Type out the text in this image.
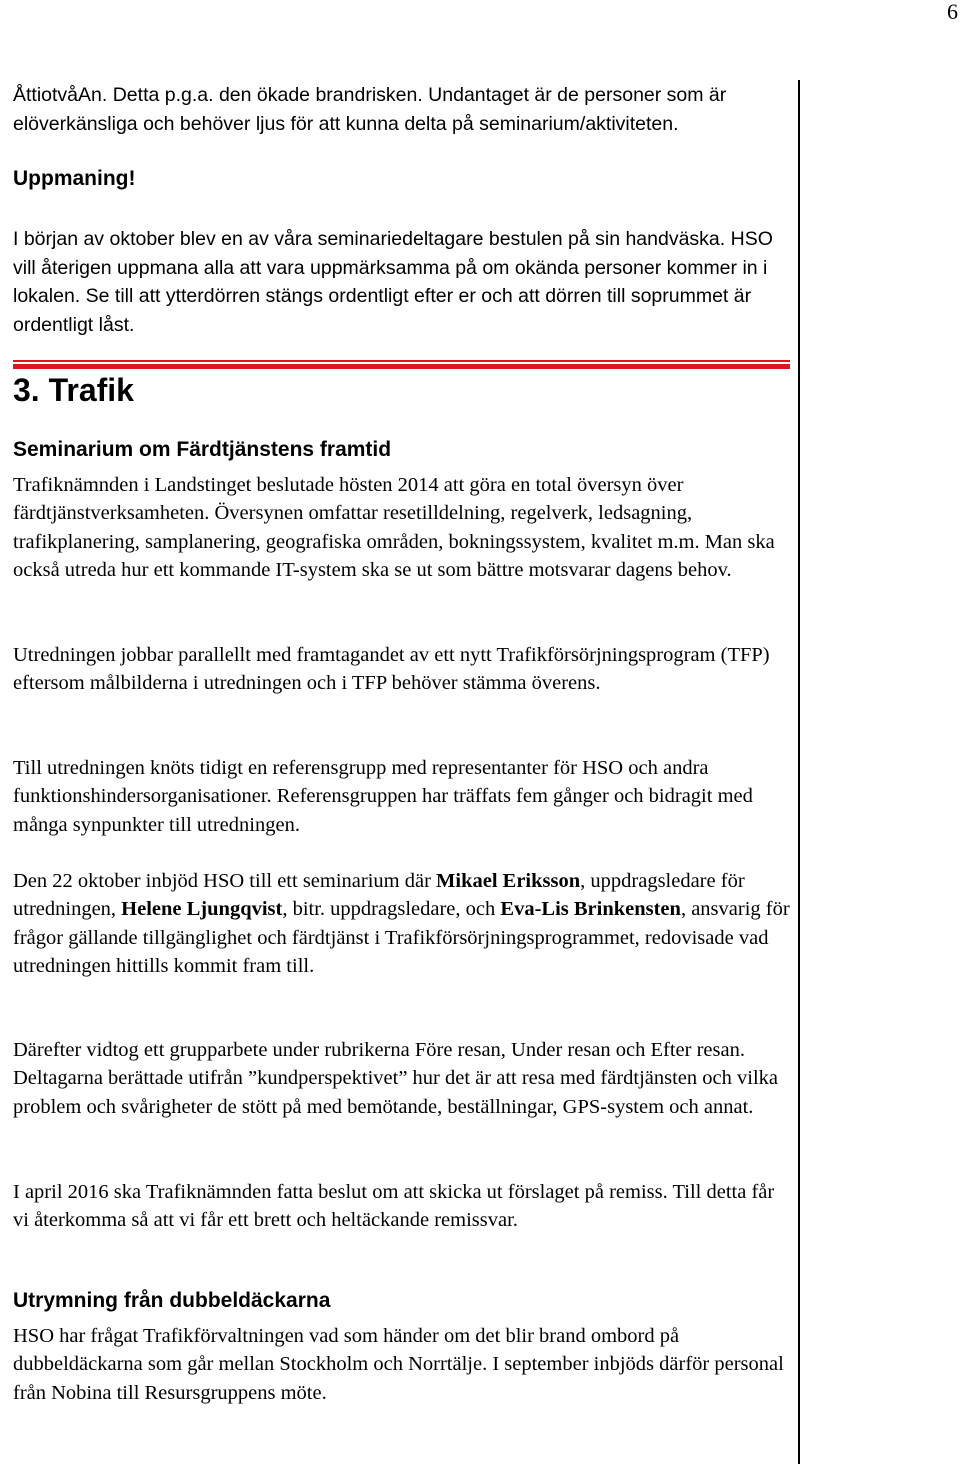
6

ÅttiotvåAn. Detta p.g.a. den ökade brandrisken. Undantaget är de personer som är elöverkänsliga och behöver ljus för att kunna delta på seminarium/aktiviteten.

Uppmaning!

I början av oktober blev en av våra seminariedeltagare bestulen på sin handväska. HSO vill återigen uppmana alla att vara uppmärksamma på om okända personer kommer in i lokalen. Se till att ytterdörren stängs ordentligt efter er och att dörren till soprummet är ordentligt låst.

3. Trafik

Seminarium om Färdtjänstens framtid

Trafiknämnden i Landstinget beslutade hösten 2014 att göra en total översyn över färdtjänstverksamheten. Översynen omfattar resetilldelning, regelverk, ledsagning, trafikplanering, samplanering, geografiska områden, bokningssystem, kvalitet m.m. Man ska också utreda hur ett kommande IT-system ska se ut som bättre motsvarar dagens behov.

Utredningen jobbar parallellt med framtagandet av ett nytt Trafikförsörjningsprogram (TFP) eftersom målbilderna i utredningen och i TFP behöver stämma överens.

Till utredningen knöts tidigt en referensgrupp med representanter för HSO och andra funktionshindersorganisationer. Referensgruppen har träffats fem gånger och bidragit med många synpunkter till utredningen.

Den 22 oktober inbjöd HSO till ett seminarium där Mikael Eriksson, uppdragsledare för utredningen, Helene Ljungqvist, bitr. uppdragsledare, och Eva-Lis Brinkensten, ansvarig för frågor gällande tillgänglighet och färdtjänst i Trafikförsörjningsprogrammet, redovisade vad utredningen hittills kommit fram till.

Därefter vidtog ett grupparbete under rubrikerna Före resan, Under resan och Efter resan. Deltagarna berättade utifrån ”kundperspektivet” hur det är att resa med färdtjänsten och vilka problem och svårigheter de stött på med bemötande, beställningar, GPS-system och annat.

I april 2016 ska Trafiknämnden fatta beslut om att skicka ut förslaget på remiss. Till detta får vi återkomma så att vi får ett brett och heltäckande remissvar.

Utrymning från dubbeldäckarna

HSO har frågat Trafikförvaltningen vad som händer om det blir brand ombord på dubbeldäckarna som går mellan Stockholm och Norrtälje. I september inbjöds därför personal från Nobina till Resursgruppens möte.
